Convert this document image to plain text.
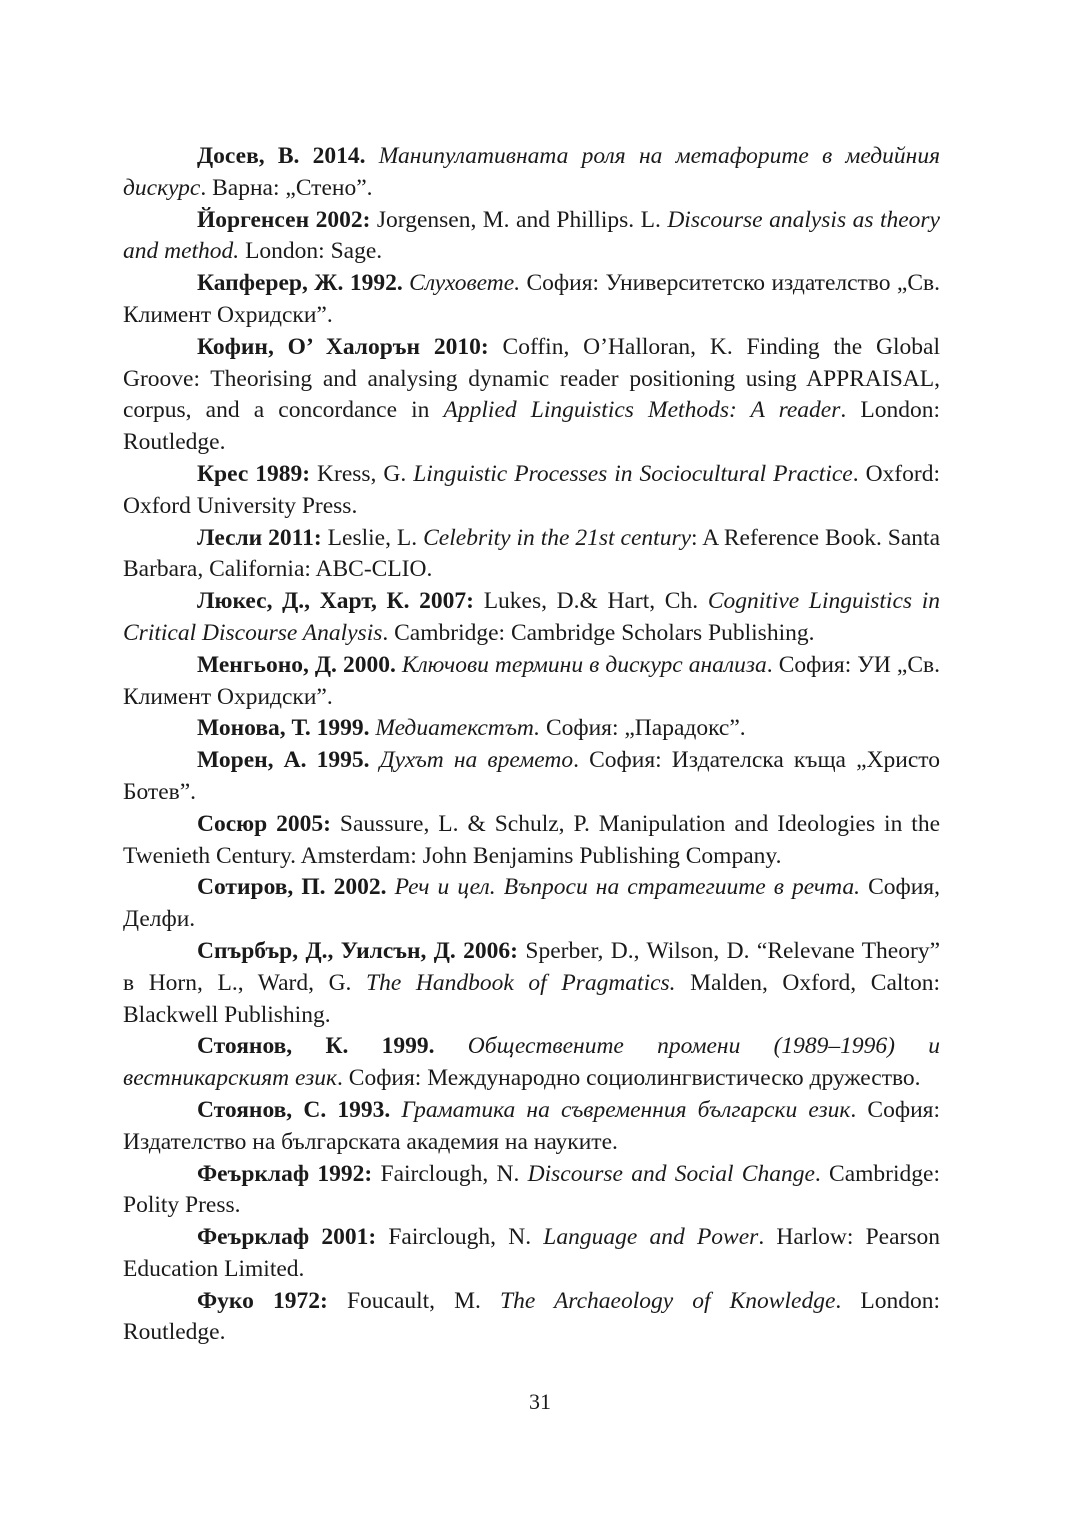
Досев, В. 2014. Манипулативната роля на метафорите в медийния дискурс. Варна: „Стено”.

Йоргенсен 2002: Jorgensen, M. and Phillips. L. Discourse analysis as theory and method. London: Sage.

Капферер, Ж. 1992. Слуховете. София: Университетско издателство „Св. Климент Охридски”.

Кофин, О’ Халорън 2010: Coffin, O’Halloran, K. Finding the Global Groove: Theorising and analysing dynamic reader positioning using APPRAISAL, corpus, and a concordance in Applied Linguistics Methods: A reader. London: Routledge.

Крес 1989: Kress, G. Linguistic Processes in Sociocultural Practice. Oxford: Oxford University Press.

Лесли 2011: Leslie, L. Celebrity in the 21st century: A Reference Book. Santa Barbara, California: ABC-CLIO.

Люкес, Д., Харт, К. 2007: Lukes, D.& Hart, Ch. Cognitive Linguistics in Critical Discourse Analysis. Cambridge: Cambridge Scholars Publishing.

Менгьоно, Д. 2000. Ключови термини в дискурс анализа. София: УИ „Св. Климент Охридски”.

Монова, Т. 1999. Медиатекстът. София: „Парадокс”.

Морен, А. 1995. Духът на времето. София: Издателска къща „Христо Ботев”.

Сосюр 2005: Saussure, L. & Schulz, P. Manipulation and Ideologies in the Twenieth Century. Amsterdam: John Benjamins Publishing Company.

Сотиров, П. 2002. Реч и цел. Въпроси на стратегиите в речта. София, Делфи.

Спърбър, Д., Уилсън, Д. 2006: Sperber, D., Wilson, D. “Relevane Theory” в Horn, L., Ward, G. The Handbook of Pragmatics. Malden, Oxford, Calton: Blackwell Publishing.

Стоянов, К. 1999. Обществените промени (1989–1996) и вестникарският език. София: Международно социолингвистическо дружество.

Стоянов, С. 1993. Граматика на съвременния български език. София: Издателство на българската академия на науките.

Феърклаф 1992: Fairclough, N. Discourse and Social Change. Cambridge: Polity Press.

Феърклаф 2001: Fairclough, N. Language and Power. Harlow: Pearson Education Limited.

Фуко 1972: Foucault, M. The Archaeology of Knowledge. London: Routledge.

31
